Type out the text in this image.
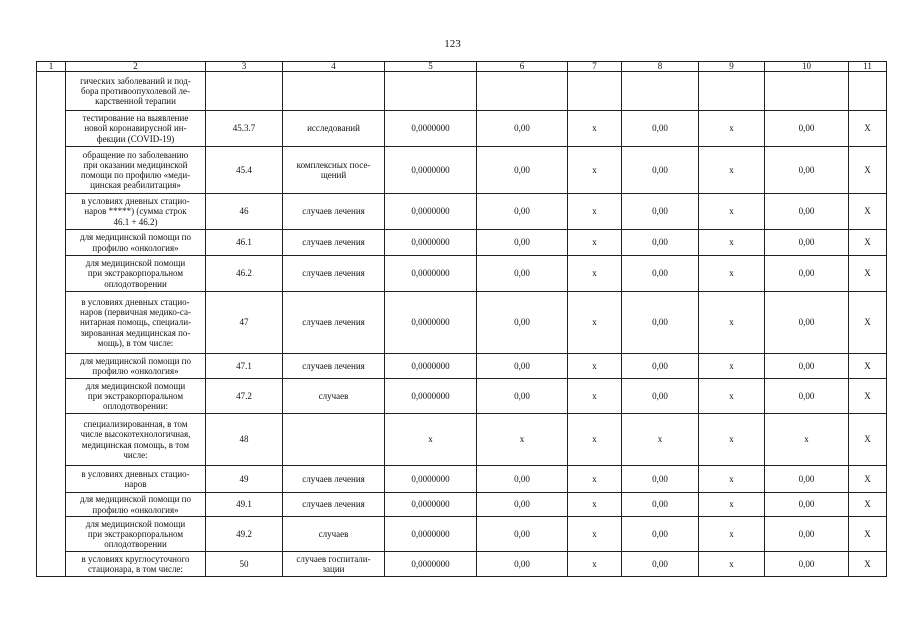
123
1	2	3	4	5	6	7	8	9	10	11
	гических заболеваний и под-
бора противоопухолевой ле-
карственной терапии									
	тестирование на выявление
новой коронавирусной ин-
фекции (COVID-19)	45.3.7	исследований	0,0000000	0,00	x	0,00	x	0,00	X
	обращение по заболеванию
при оказании медицинской
помощи по профилю «меди-
цинская реабилитация»	45.4	комплексных посе-
щений	0,0000000	0,00	x	0,00	x	0,00	X
	в условиях дневных стацио-
наров *****) (сумма строк
46.1 + 46.2)	46	случаев лечения	0,0000000	0,00	x	0,00	x	0,00	X
	для медицинской помощи по
профилю «онкология»	46.1	случаев лечения	0,0000000	0,00	x	0,00	x	0,00	X
	для медицинской помощи
при экстракорпоральном
оплодотворении	46.2	случаев лечения	0,0000000	0,00	x	0,00	x	0,00	X
	в условиях дневных стацио-
наров (первичная медико-са-
нитарная помощь, специали-
зированная медицинская по-
мощь), в том числе:	47	случаев лечения	0,0000000	0,00	x	0,00	x	0,00	X
	для медицинской помощи по
профилю «онкология»	47.1	случаев лечения	0,0000000	0,00	x	0,00	x	0,00	X
	для медицинской помощи
при экстракорпоральном
оплодотворении:	47.2	случаев	0,0000000	0,00	x	0,00	x	0,00	X
	специализированная, в том
числе высокотехнологичная,
медицинская помощь, в том
числе:	48		x	x	x	x	x	x	X
	в условиях дневных стацио-
наров	49	случаев лечения	0,0000000	0,00	x	0,00	x	0,00	X
	для медицинской помощи по
профилю «онкология»	49.1	случаев лечения	0,0000000	0,00	x	0,00	x	0,00	X
	для медицинской помощи
при экстракорпоральном
оплодотворении	49.2	случаев	0,0000000	0,00	x	0,00	x	0,00	X
	в условиях круглосуточного
стационара, в том числе:	50	случаев госпитали-
зации	0,0000000	0,00	x	0,00	x	0,00	X
